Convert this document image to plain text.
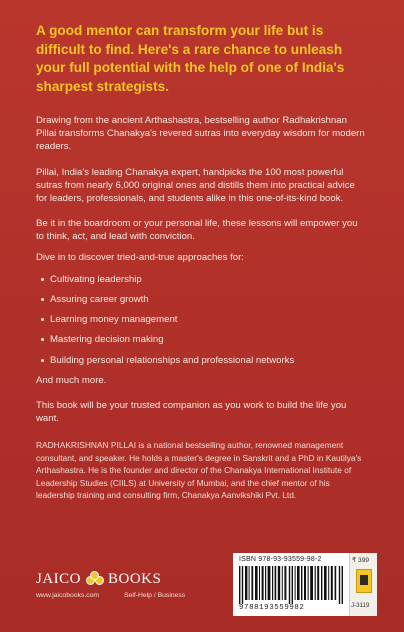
A good mentor can transform your life but is difficult to find. Here's a rare chance to unleash your full potential with the help of one of India's sharpest strategists.

Drawing from the ancient Arthashastra, bestselling author Radhakrishnan Pillai transforms Chanakya's revered sutras into everyday wisdom for modern readers.

Pillai, India's leading Chanakya expert, handpicks the 100 most powerful sutras from nearly 6,000 original ones and distills them into practical advice for leaders, professionals, and students alike in this one-of-its-kind book.

Be it in the boardroom or your personal life, these lessons will empower you to think, act, and lead with conviction.

Dive in to discover tried-and-true approaches for:

Cultivating leadership
Assuring career growth
Learning money management
Mastering decision making
Building personal relationships and professional networks

And much more.

This book will be your trusted companion as you work to build the life you want.

RADHAKRISHNAN PILLAI is a national bestselling author, renowned management consultant, and speaker. He holds a master's degree in Sanskrit and a PhD in Kautilya's Arthashastra. He is the founder and director of the Chanakya International Institute of Leadership Studies (CIILS) at University of Mumbai, and the chief mentor of his leadership training and consulting firm, Chanakya Aanvikshiki Pvt. Ltd.

JAICO BOOKS
www.jaicobooks.com	Self-Help / Business
ISBN 978-93-93559-98-2
9788193559982
₹ 399
J-3119
